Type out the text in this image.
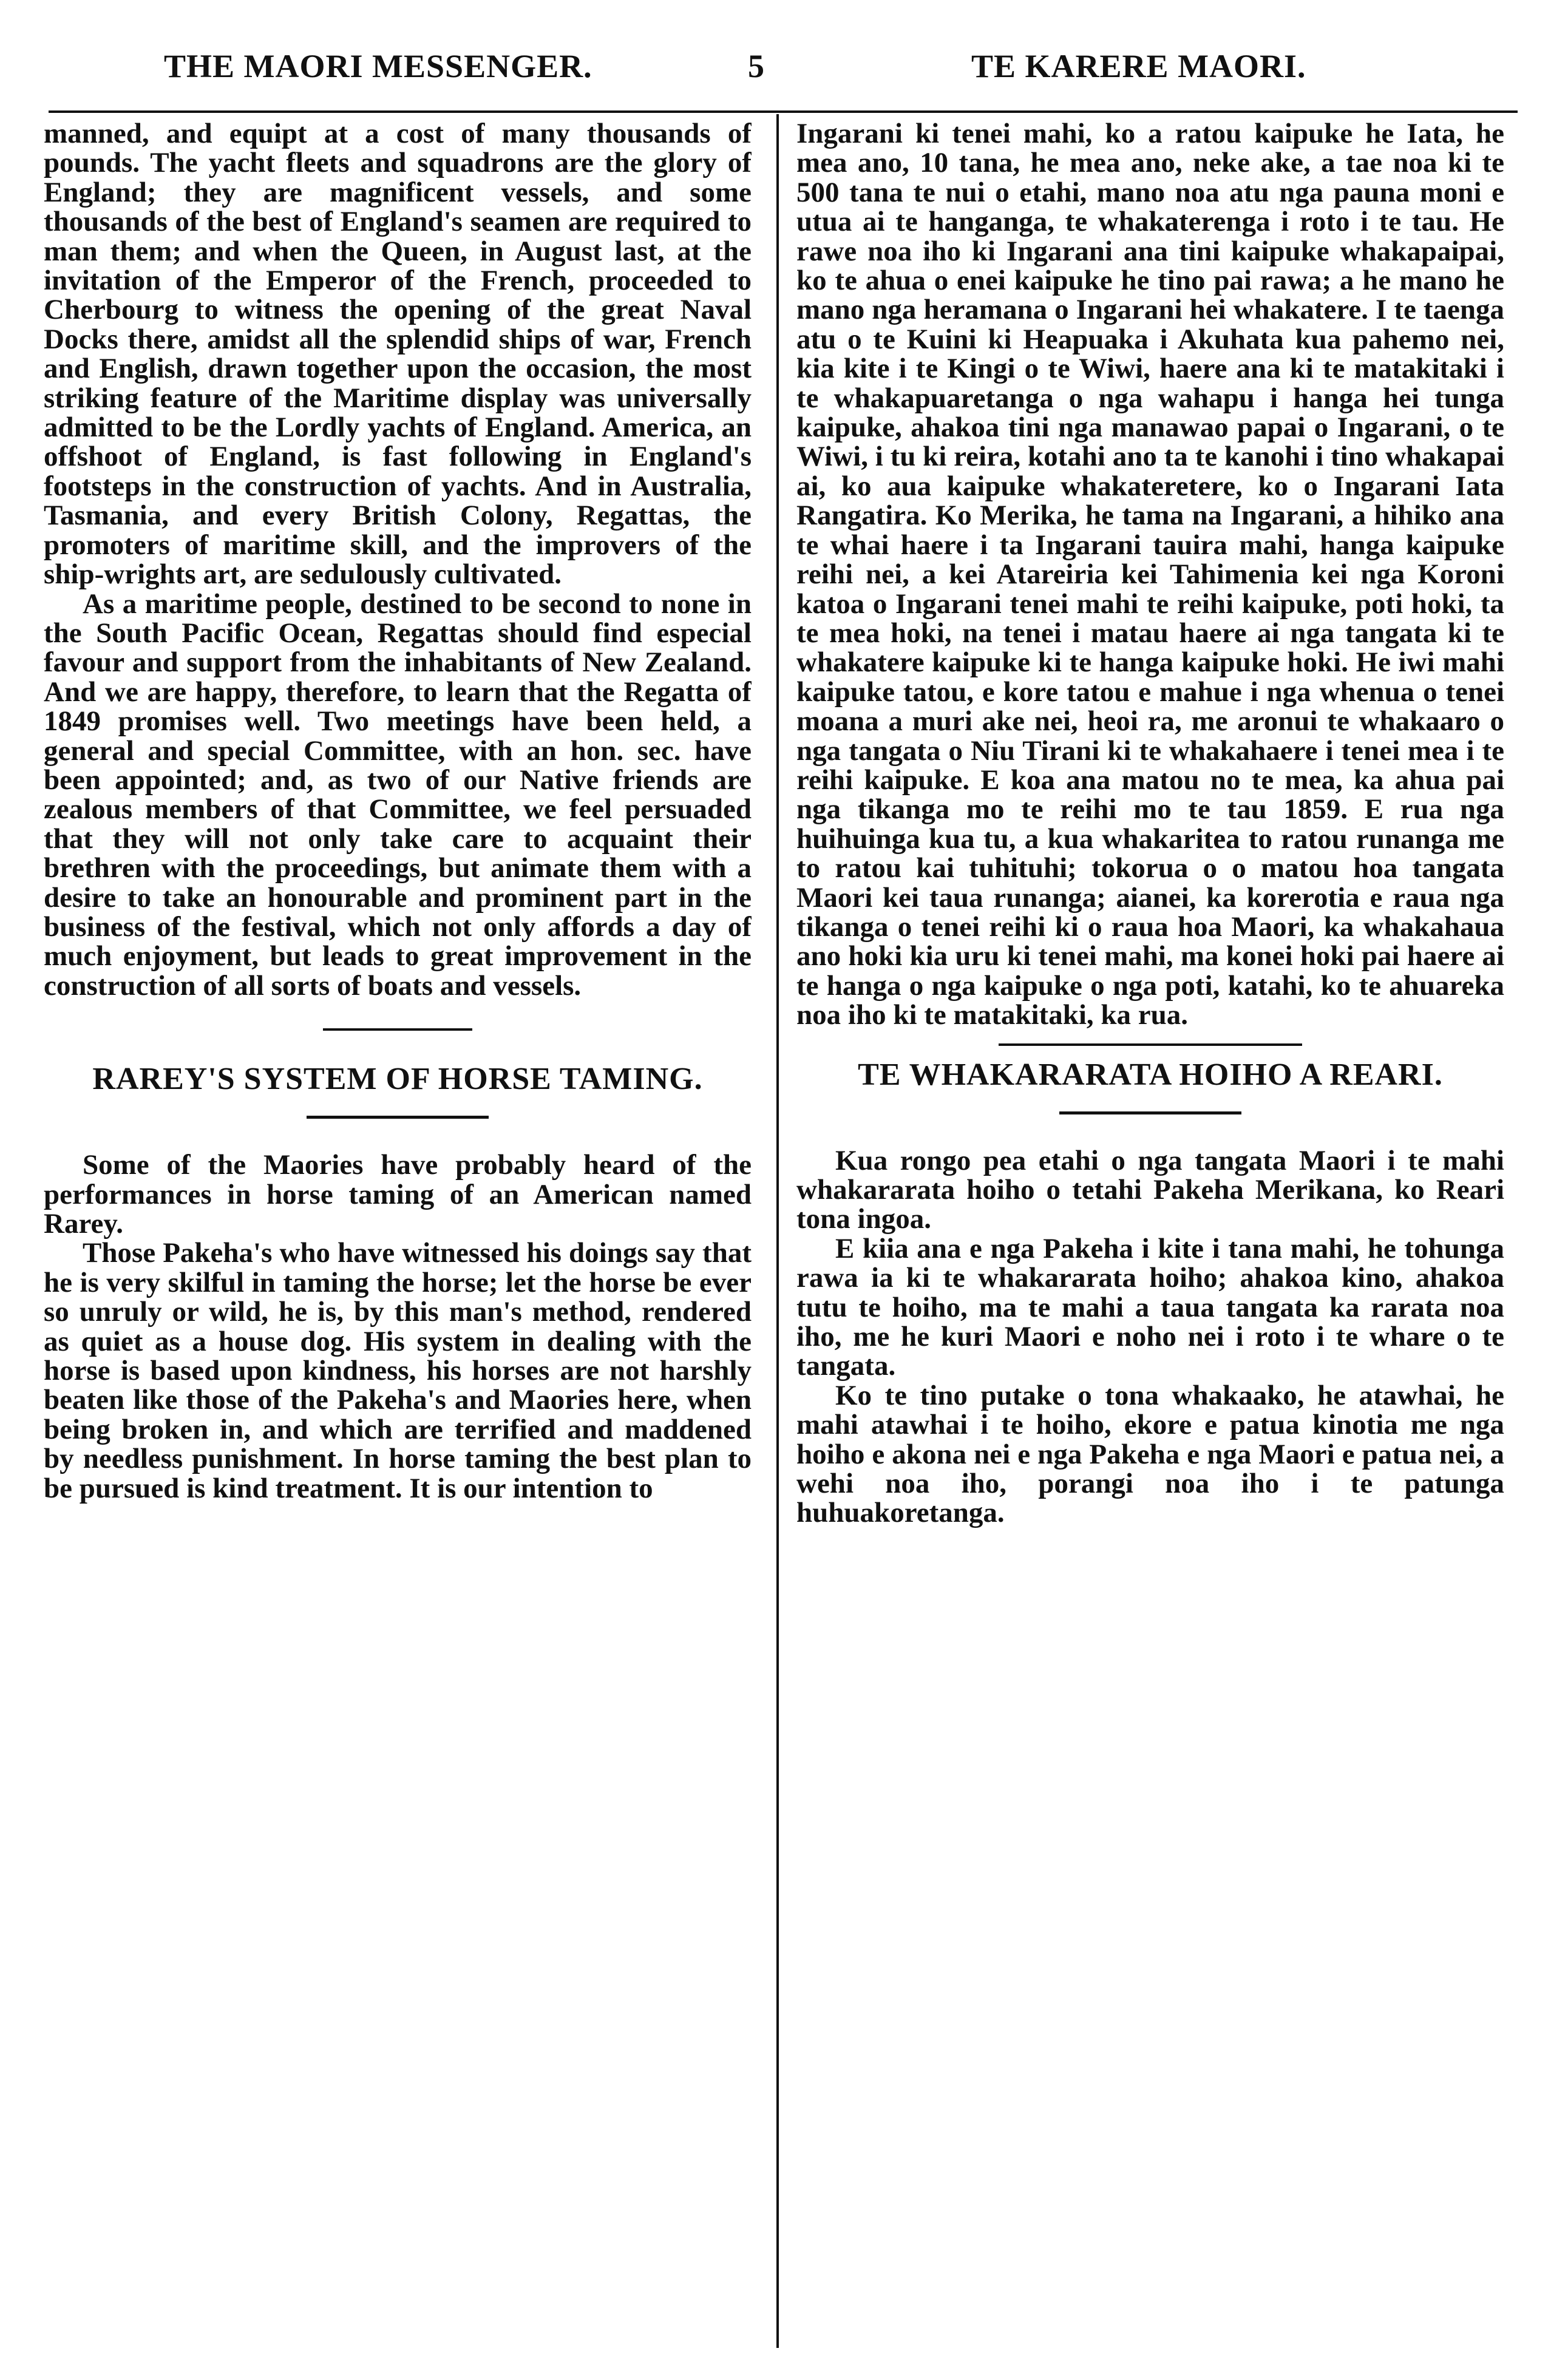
THE MAORI MESSENGER.	5	TE KARERE MAORI.

manned, and equipt at a cost of many thousands of pounds. The yacht fleets and squadrons are the glory of England; they are magnificent vessels, and some thousands of the best of England's seamen are required to man them; and when the Queen, in August last, at the invitation of the Emperor of the French, proceeded to Cherbourg to witness the opening of the great Naval Docks there, amidst all the splendid ships of war, French and English, drawn together upon the occasion, the most striking feature of the Maritime display was universally admitted to be the Lordly yachts of England. America, an offshoot of England, is fast following in England's footsteps in the construction of yachts. And in Australia, Tasmania, and every British Colony, Regattas, the promoters of maritime skill, and the improvers of the ship-wrights art, are sedulously cultivated.

As a maritime people, destined to be second to none in the South Pacific Ocean, Regattas should find especial favour and support from the inhabitants of New Zealand. And we are happy, therefore, to learn that the Regatta of 1849 promises well. Two meetings have been held, a general and special Committee, with an hon. sec. have been appointed; and, as two of our Native friends are zealous members of that Committee, we feel persuaded that they will not only take care to acquaint their brethren with the proceedings, but animate them with a desire to take an honourable and prominent part in the business of the festival, which not only affords a day of much enjoyment, but leads to great improvement in the construction of all sorts of boats and vessels.

RAREY'S SYSTEM OF HORSE TAMING.

Some of the Maories have probably heard of the performances in horse taming of an American named Rarey.

Those Pakeha's who have witnessed his doings say that he is very skilful in taming the horse; let the horse be ever so unruly or wild, he is, by this man's method, rendered as quiet as a house dog. His system in dealing with the horse is based upon kindness, his horses are not harshly beaten like those of the Pakeha's and Maories here, when being broken in, and which are terrified and maddened by needless punishment. In horse taming the best plan to be pursued is kind treatment. It is our intention to

Ingarani ki tenei mahi, ko a ratou kaipuke he Iata, he mea ano, 10 tana, he mea ano, neke ake, a tae noa ki te 500 tana te nui o etahi, mano noa atu nga pauna moni e utua ai te hanganga, te whakaterenga i roto i te tau. He rawe noa iho ki Ingarani ana tini kaipuke whakapaipai, ko te ahua o enei kaipuke he tino pai rawa; a he mano he mano nga heramana o Ingarani hei whakatere. I te taenga atu o te Kuini ki Heapuaka i Akuhata kua pahemo nei, kia kite i te Kingi o te Wiwi, haere ana ki te matakitaki i te whakapuaretanga o nga wahapu i hanga hei tunga kaipuke, ahakoa tini nga manawao papai o Ingarani, o te Wiwi, i tu ki reira, kotahi ano ta te kanohi i tino whakapai ai, ko aua kaipuke whakateretere, ko o Ingarani Iata Rangatira. Ko Merika, he tama na Ingarani, a hihiko ana te whai haere i ta Ingarani tauira mahi, hanga kaipuke reihi nei, a kei Atareiria kei Tahimenia kei nga Koroni katoa o Ingarani tenei mahi te reihi kaipuke, poti hoki, ta te mea hoki, na tenei i matau haere ai nga tangata ki te whakatere kaipuke ki te hanga kaipuke hoki. He iwi mahi kaipuke tatou, e kore tatou e mahue i nga whenua o tenei moana a muri ake nei, heoi ra, me aronui te whakaaro o nga tangata o Niu Tirani ki te whakahaere i tenei mea i te reihi kaipuke. E koa ana matou no te mea, ka ahua pai nga tikanga mo te reihi mo te tau 1859. E rua nga huihuinga kua tu, a kua whakaritea to ratou runanga me to ratou kai tuhituhi; tokorua o o matou hoa tangata Maori kei taua runanga; aianei, ka korerotia e raua nga tikanga o tenei reihi ki o raua hoa Maori, ka whakahaua ano hoki kia uru ki tenei mahi, ma konei hoki pai haere ai te hanga o nga kaipuke o nga poti, katahi, ko te ahuareka noa iho ki te matakitaki, ka rua.

TE WHAKARARATA HOIHO A REARI.

Kua rongo pea etahi o nga tangata Maori i te mahi whakararata hoiho o tetahi Pakeha Merikana, ko Reari tona ingoa.

E kiia ana e nga Pakeha i kite i tana mahi, he tohunga rawa ia ki te whakararata hoiho; ahakoa kino, ahakoa tutu te hoiho, ma te mahi a taua tangata ka rarata noa iho, me he kuri Maori e noho nei i roto i te whare o te tangata.

Ko te tino putake o tona whakaako, he atawhai, he mahi atawhai i te hoiho, ekore e patua kinotia me nga hoiho e akona nei e nga Pakeha e nga Maori e patua nei, a wehi noa iho, porangi noa iho i te patunga huhuakoretanga.
